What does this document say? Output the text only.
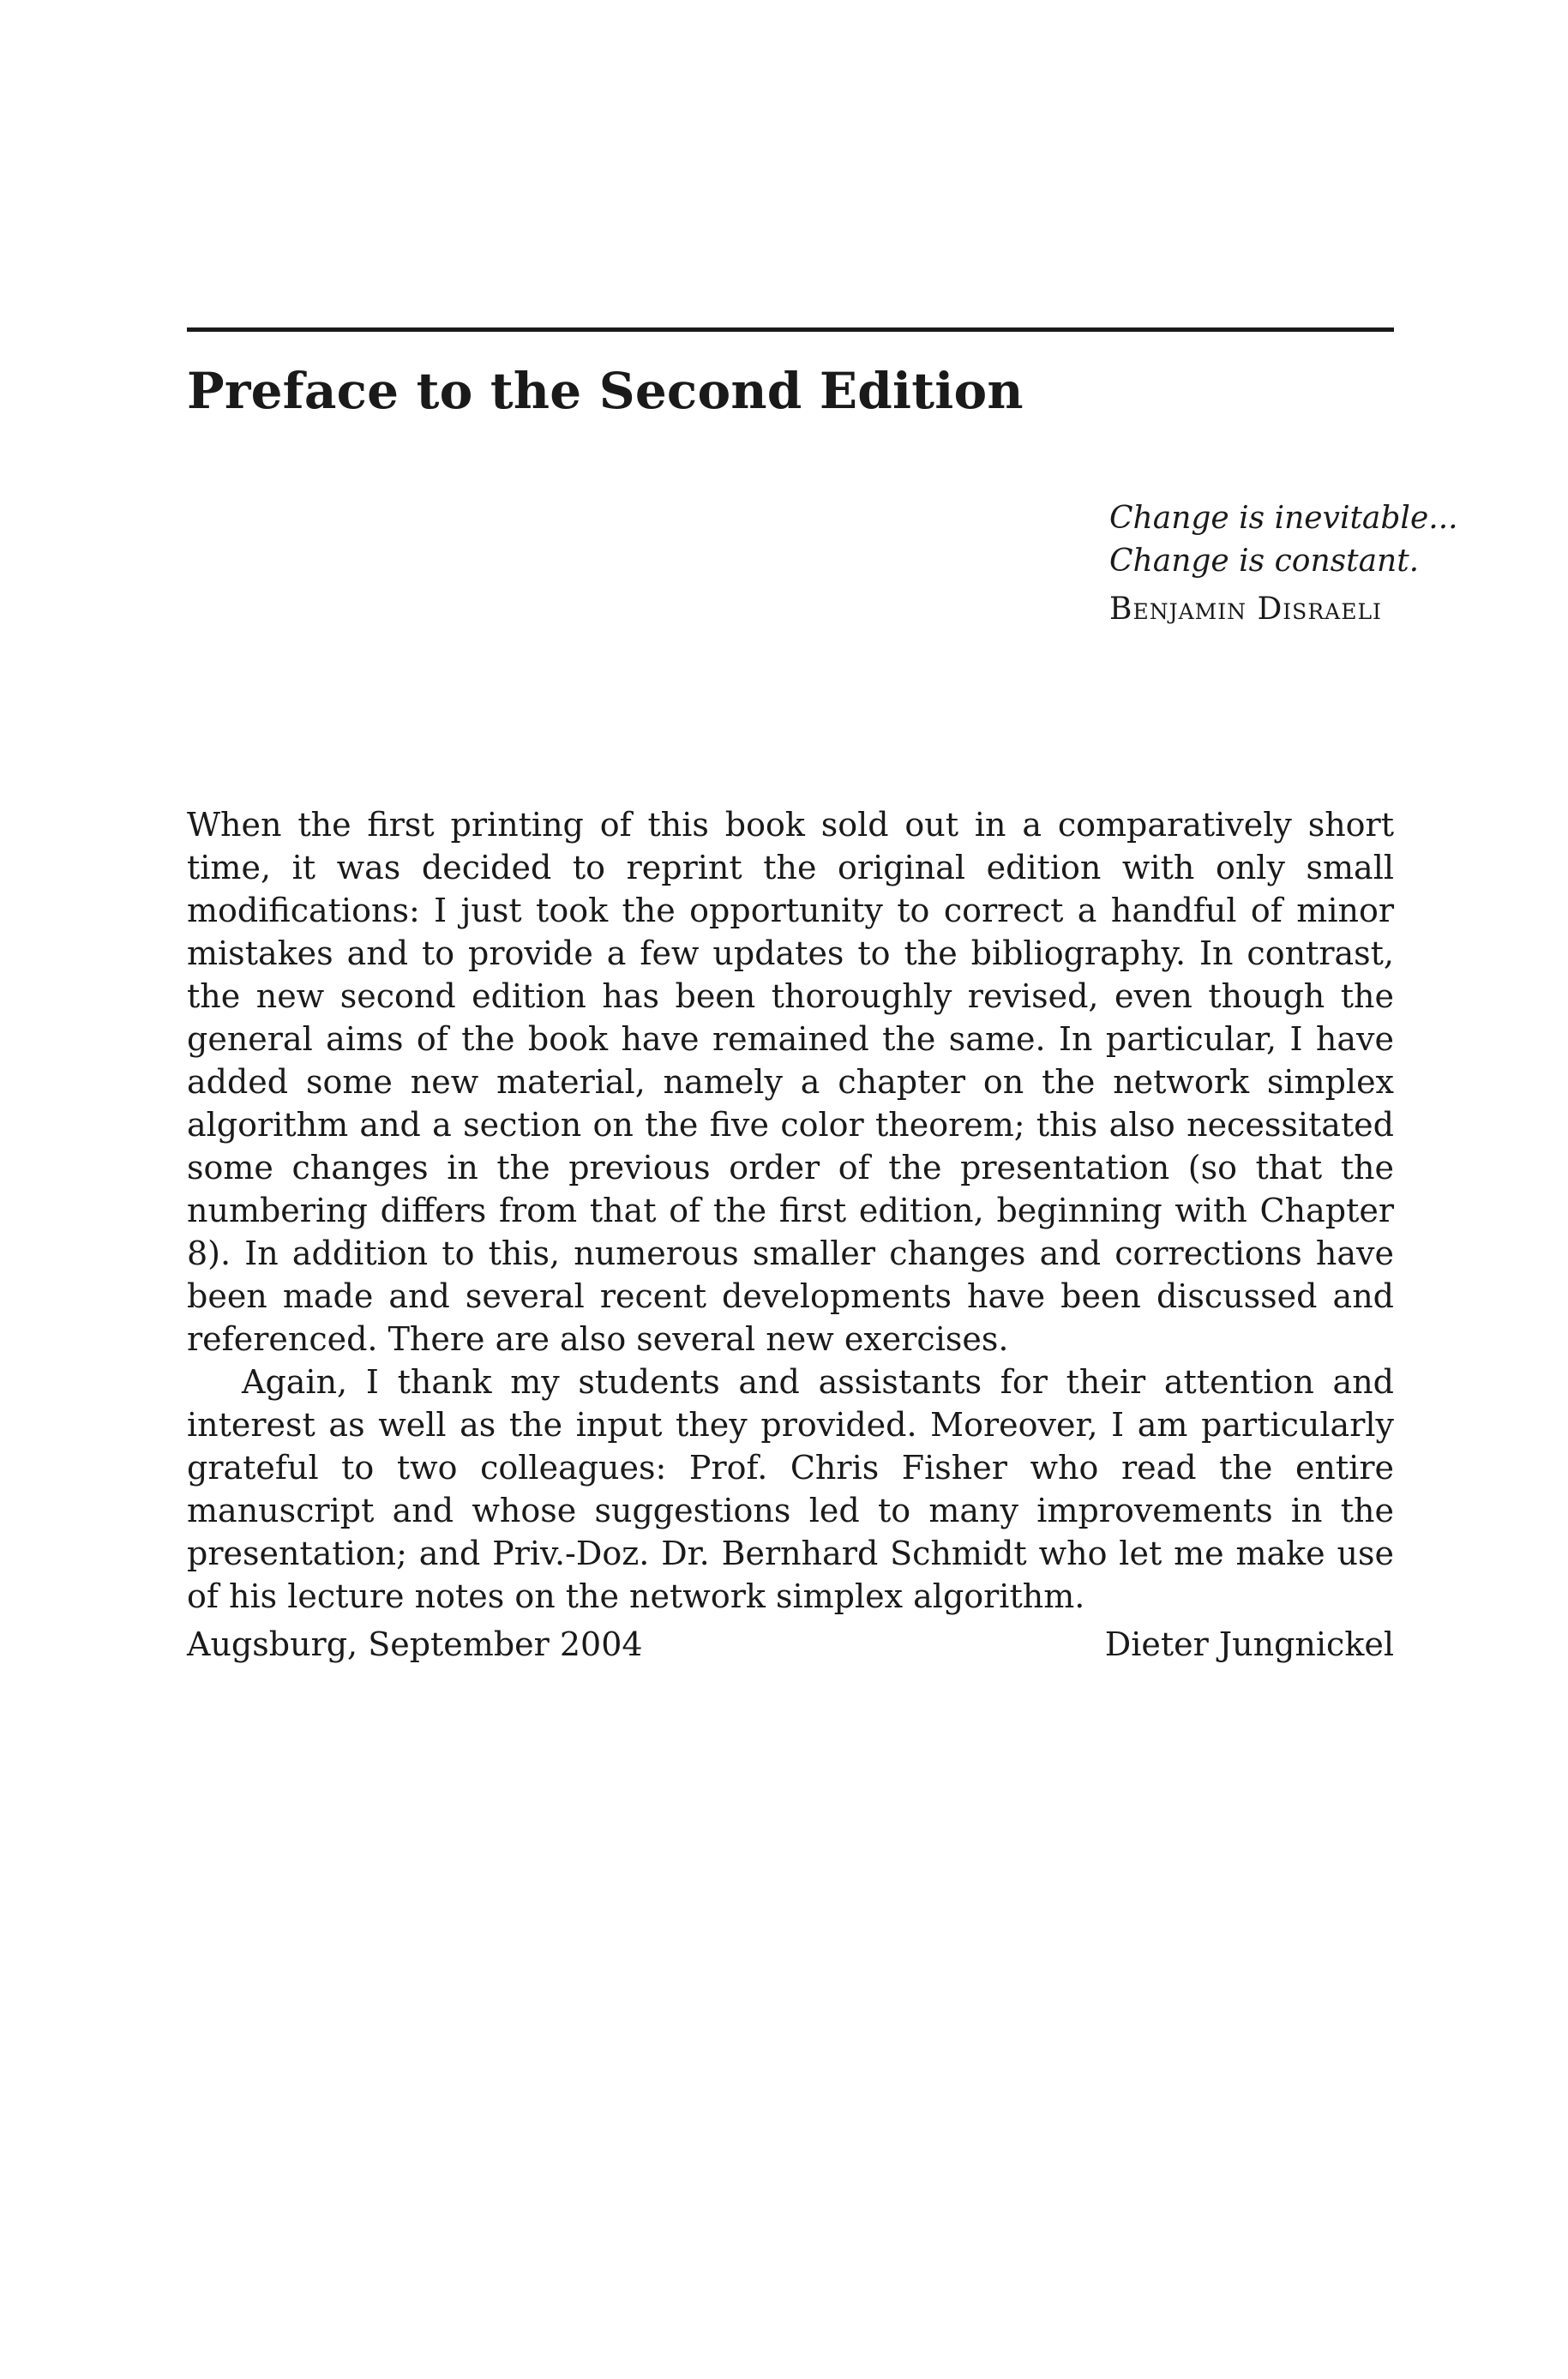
Preface to the Second Edition
Change is inevitable...
Change is constant.
Benjamin Disraeli

When the first printing of this book sold out in a comparatively short time, it was decided to reprint the original edition with only small modifications: I just took the opportunity to correct a handful of minor mistakes and to provide a few updates to the bibliography. In contrast, the new second edition has been thoroughly revised, even though the general aims of the book have remained the same. In particular, I have added some new material, namely a chapter on the network simplex algorithm and a section on the five color theorem; this also necessitated some changes in the previous order of the presentation (so that the numbering differs from that of the first edition, beginning with Chapter 8). In addition to this, numerous smaller changes and corrections have been made and several recent developments have been discussed and referenced. There are also several new exercises.

Again, I thank my students and assistants for their attention and interest as well as the input they provided. Moreover, I am particularly grateful to two colleagues: Prof. Chris Fisher who read the entire manuscript and whose suggestions led to many improvements in the presentation; and Priv.-Doz. Dr. Bernhard Schmidt who let me make use of his lecture notes on the network simplex algorithm.

Augsburg, September 2004	Dieter Jungnickel
